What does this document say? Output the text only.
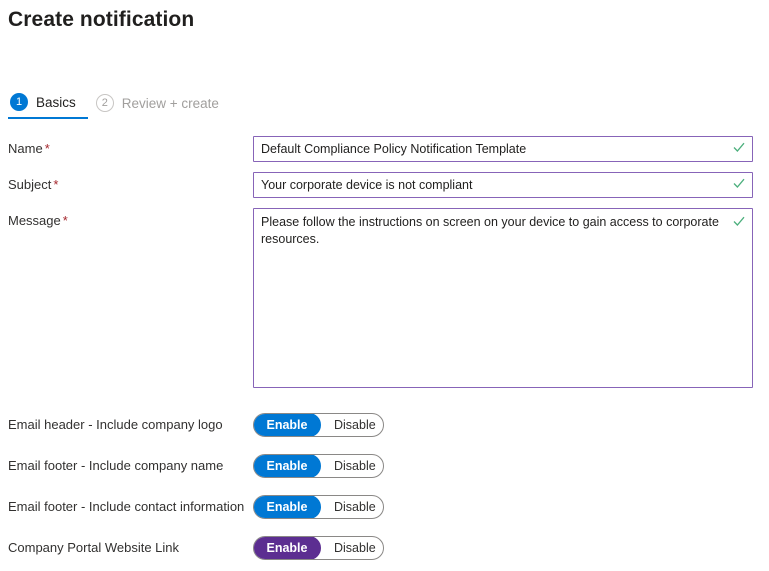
Create notification
1	Basics	2	Review + create
Name *
Default Compliance Policy Notification Template
Subject *
Your corporate device is not compliant
Message *
Please follow the instructions on screen on your device to gain access to corporate resources.
Email header - Include company logo	Enable	Disable
Email footer - Include company name	Enable	Disable
Email footer - Include contact information	Enable	Disable
Company Portal Website Link	Enable	Disable
